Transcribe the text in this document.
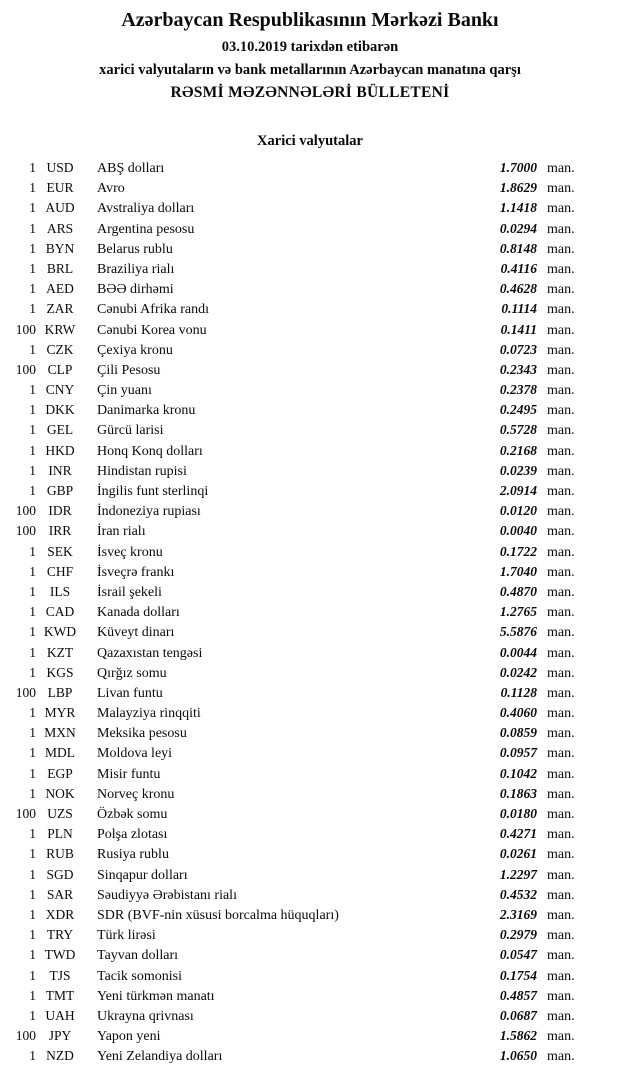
Azərbaycan Respublikasının Mərkəzi Bankı
03.10.2019 tarixdən etibarən
xarici valyutaların və bank metallarının Azərbaycan manatına qarşı
RƏSMİ MƏZƏNNƏLƏRİ BÜLLETENİ
Xarici valyutalar
1 USD	ABŞ dolları	1.7000 man.
1 EUR	Avro	1.8629 man.
1 AUD	Avstraliya dolları	1.1418 man.
1 ARS	Argentina pesosu	0.0294 man.
1 BYN	Belarus rublu	0.8148 man.
1 BRL	Braziliya rialı	0.4116 man.
1 AED	BƏƏ dirhəmi	0.4628 man.
1 ZAR	Cənubi Afrika randı	0.1114 man.
100 KRW	Cənubi Korea vonu	0.1411 man.
1 CZK	Çexiya kronu	0.0723 man.
100 CLP	Çili Pesosu	0.2343 man.
1 CNY	Çin yuanı	0.2378 man.
1 DKK	Danimarka kronu	0.2495 man.
1 GEL	Gürcü larisi	0.5728 man.
1 HKD	Honq Konq dolları	0.2168 man.
1 INR	Hindistan rupisi	0.0239 man.
1 GBP	İngilis funt sterlinqi	2.0914 man.
100 IDR	İndoneziya rupiası	0.0120 man.
100 IRR	İran rialı	0.0040 man.
1 SEK	İsveç kronu	0.1722 man.
1 CHF	İsveçrə frankı	1.7040 man.
1	ILS	İsrail şekeli	0.4870 man.
1 CAD	Kanada dolları	1.2765 man.
1 KWD	Küveyt dinarı	5.5876 man.
1 KZT	Qazaxıstan tengəsi	0.0044 man.
1 KGS	Qırğız somu	0.0242 man.
100 LBP	Livan funtu	0.1128 man.
1 MYR	Malayziya rinqqiti	0.4060 man.
1 MXN	Meksika pesosu	0.0859 man.
1 MDL	Moldova leyi	0.0957 man.
1 EGP	Misir funtu	0.1042 man.
1 NOK	Norveç kronu	0.1863 man.
100 UZS	Özbək somu	0.0180 man.
1 PLN	Polşa zlotası	0.4271 man.
1 RUB	Rusiya rublu	0.0261 man.
1 SGD	Sinqapur dolları	1.2297 man.
1 SAR	Səudiyyə Ərəbistanı rialı	0.4532 man.
1 XDR	SDR (BVF-nin xüsusi borcalma hüquqları)	2.3169 man.
1 TRY	Türk lirəsi	0.2979 man.
1 TWD	Tayvan dolları	0.0547 man.
1 TJS	Tacik somonisi	0.1754 man.
1 TMT	Yeni türkmən manatı	0.4857 man.
1 UAH	Ukrayna qrivnası	0.0687 man.
100 JPY	Yapon yeni	1.5862 man.
1 NZD	Yeni Zelandiya dolları	1.0650 man.
